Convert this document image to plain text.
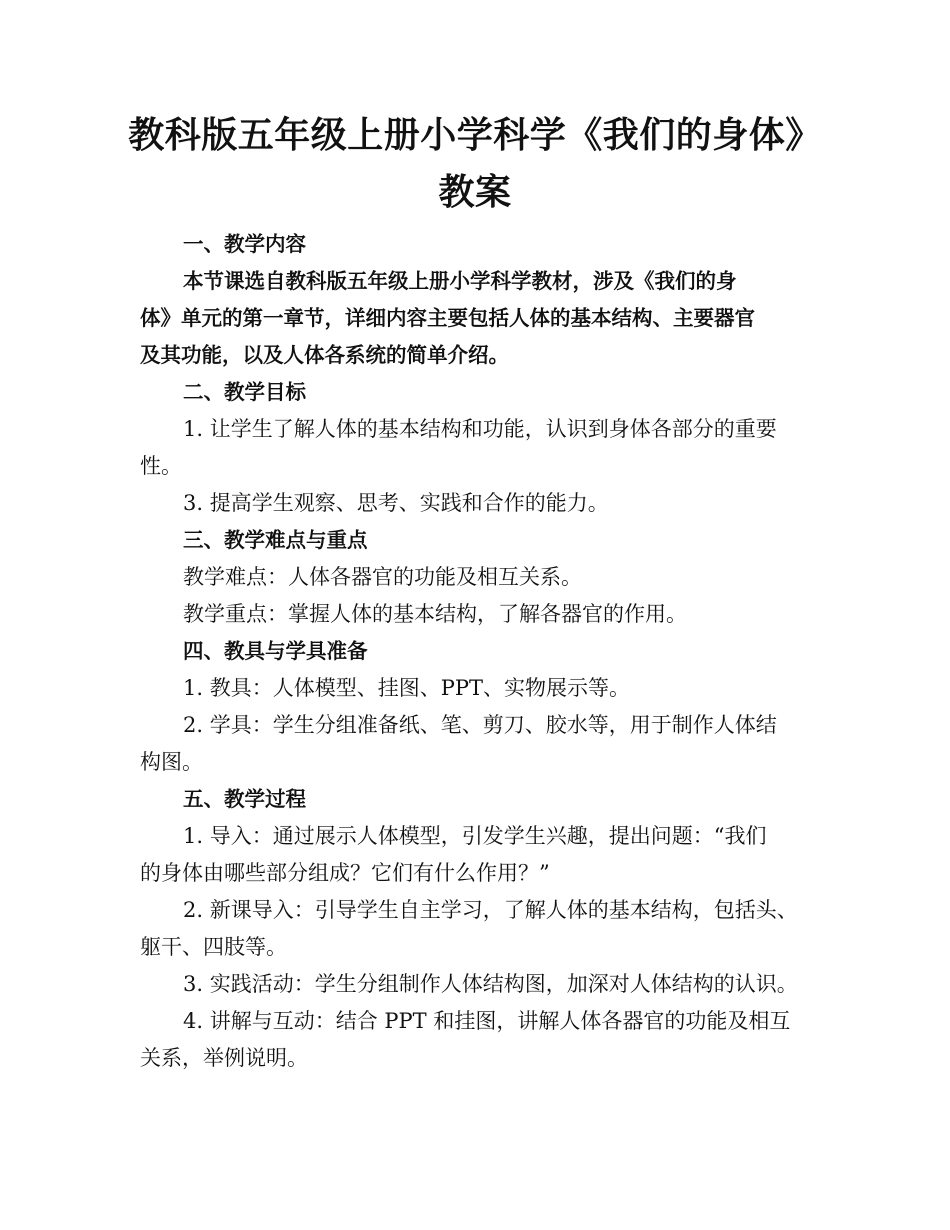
教科版五年级上册小学科学《我们的身体》
教案
一、教学内容
本节课选自教科版五年级上册小学科学教材，涉及《我们的身
体》单元的第一章节，详细内容主要包括人体的基本结构、主要器官
及其功能，以及人体各系统的简单介绍。
二、教学目标
1. 让学生了解人体的基本结构和功能，认识到身体各部分的重要
性。
3. 提高学生观察、思考、实践和合作的能力。
三、教学难点与重点
教学难点：人体各器官的功能及相互关系。
教学重点：掌握人体的基本结构，了解各器官的作用。
四、教具与学具准备
1. 教具：人体模型、挂图、PPT、实物展示等。
2. 学具：学生分组准备纸、笔、剪刀、胶水等，用于制作人体结
构图。
五、教学过程
1. 导入：通过展示人体模型，引发学生兴趣，提出问题：“我们
的身体由哪些部分组成？它们有什么作用？”
2. 新课导入：引导学生自主学习，了解人体的基本结构，包括头、
躯干、四肢等。
3. 实践活动：学生分组制作人体结构图，加深对人体结构的认识。
4. 讲解与互动：结合 PPT 和挂图，讲解人体各器官的功能及相互
关系，举例说明。
